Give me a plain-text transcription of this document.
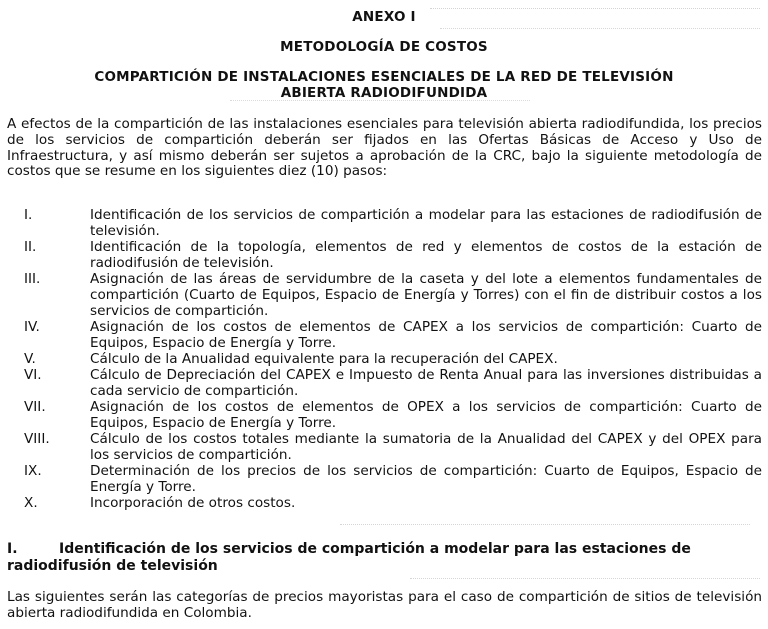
ANEXO I
METODOLOGÍA DE COSTOS
COMPARTICIÓN DE INSTALACIONES ESENCIALES DE LA RED DE TELEVISIÓN
ABIERTA RADIODIFUNDIDA
A efectos de la compartición de las instalaciones esenciales para televisión abierta radiodifundida, los precios de los servicios de compartición deberán ser fijados en las Ofertas Básicas de Acceso y Uso de Infraestructura, y así mismo deberán ser sujetos a aprobación de la CRC, bajo la siguiente metodología de costos que se resume en los siguientes diez (10) pasos:
I.	Identificación de los servicios de compartición a modelar para las estaciones de radiodifusión de televisión.
II.	Identificación de la topología, elementos de red y elementos de costos de la estación de radiodifusión de televisión.
III.	Asignación de las áreas de servidumbre de la caseta y del lote a elementos fundamentales de compartición (Cuarto de Equipos, Espacio de Energía y Torres) con el fin de distribuir costos a los servicios de compartición.
IV.	Asignación de los costos de elementos de CAPEX a los servicios de compartición: Cuarto de Equipos, Espacio de Energía y Torre.
V.	Cálculo de la Anualidad equivalente para la recuperación del CAPEX.
VI.	Cálculo de Depreciación del CAPEX e Impuesto de Renta Anual para las inversiones distribuidas a cada servicio de compartición.
VII.	Asignación de los costos de elementos de OPEX a los servicios de compartición: Cuarto de Equipos, Espacio de Energía y Torre.
VIII.	Cálculo de los costos totales mediante la sumatoria de la Anualidad del CAPEX y del OPEX para los servicios de compartición.
IX.	Determinación de los precios de los servicios de compartición: Cuarto de Equipos, Espacio de Energía y Torre.
X.	Incorporación de otros costos.
I.	Identificación de los servicios de compartición a modelar para las estaciones de radiodifusión de televisión
Las siguientes serán las categorías de precios mayoristas para el caso de compartición de sitios de televisión abierta radiodifundida en Colombia.
